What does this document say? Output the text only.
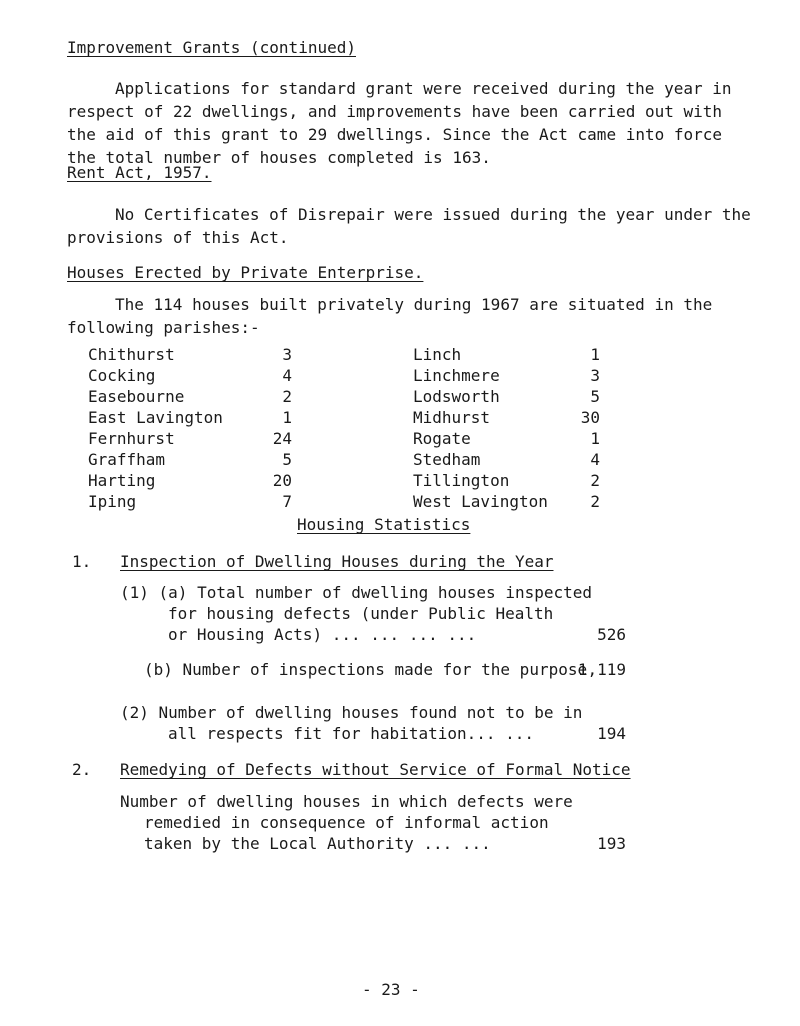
Improvement Grants (continued)
Applications for standard grant were received during the year in
respect of 22 dwellings, and improvements have been carried out with
the aid of this grant to 29 dwellings. Since the Act came into force
the total number of houses completed is 163.
Rent Act, 1957.
No Certificates of Disrepair were issued during the year under the
provisions of this Act.
Houses Erected by Private Enterprise.
The 114 houses built privately during 1967 are situated in the
following parishes:-
Chithurst	3
Cocking	4
Easebourne	2
East Lavington	1
Fernhurst	24
Graffham	5
Harting	20
Iping	7
Linch	1
Linchmere	3
Lodsworth	5
Midhurst	30
Rogate	1
Stedham	4
Tillington	2
West Lavington	2
Housing Statistics
1. Inspection of Dwelling Houses during the Year
(1) (a) Total number of dwelling houses inspected
for housing defects (under Public Health
or Housing Acts) ... ... ... ...	526
(b) Number of inspections made for the purpose
1,119
(2) Number of dwelling houses found not to be in
all respects fit for habitation... ...	194
2. Remedying of Defects without Service of Formal Notice
Number of dwelling houses in which defects were
remedied in consequence of informal action
taken by the Local Authority ... ...	193
- 23 -
